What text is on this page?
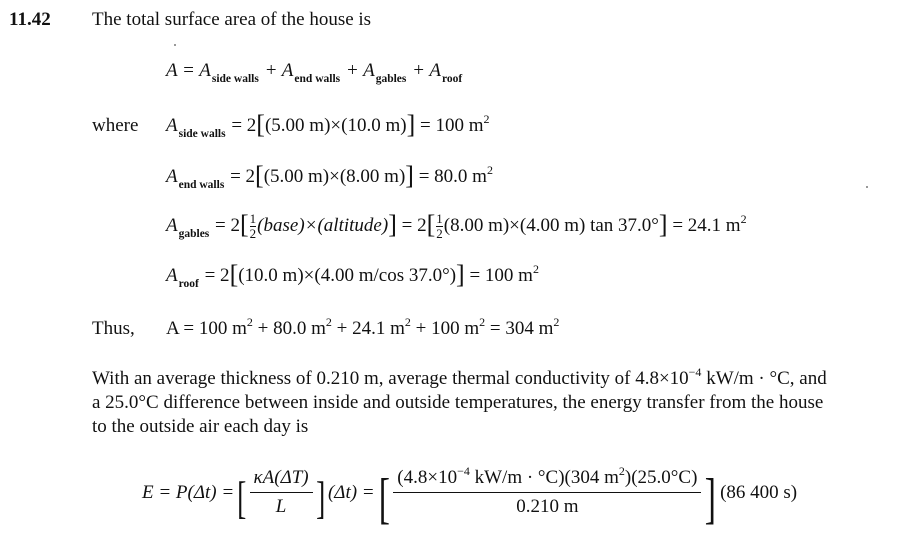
11.42 The total surface area of the house is
$A = A_{side walls} + A_{end walls} + A_{gables} + A_{roof}$
where $A_{side walls} = 2[(5.00$ m)×(10.0 m)] = 100 $m^2$
$A_{end walls} = 2[(5.00$ m)×(8.00 m)] = 80.0 $m^2$
$A_{gables} = 2[ \frac{1}{2}$ (base)×(altitude)] = $2[ \frac{1}{2} (8.00$ m)×(4.00 m) tan 37.0°] = 24.1 $m^2$
$A_{roof} = 2[(10.0$ m)×(4.00 m/cos 37.0°)] = 100 $m^2$
Thus, A = 100 $m^2 + 80.0$ $m^2 + 24.1$ $m^2 + 100$ $m^2 = 304$ $m^2$
With an average thickness of 0.210 m, average thermal conductivity of $4.8\times 10^{-4}$ kW/m · °C, and
a 25.0°C difference between inside and outside temperatures, the energy transfer from the house
to the outside air each day is
E = P(Δt) = [ κA(ΔT)
L ] (Δt) = [ ($4.8\times 10^{-4}$ kW/m · °C)(304 $m^2)(25.0^\circ C)$
0.210 m	] (86 400 s)
